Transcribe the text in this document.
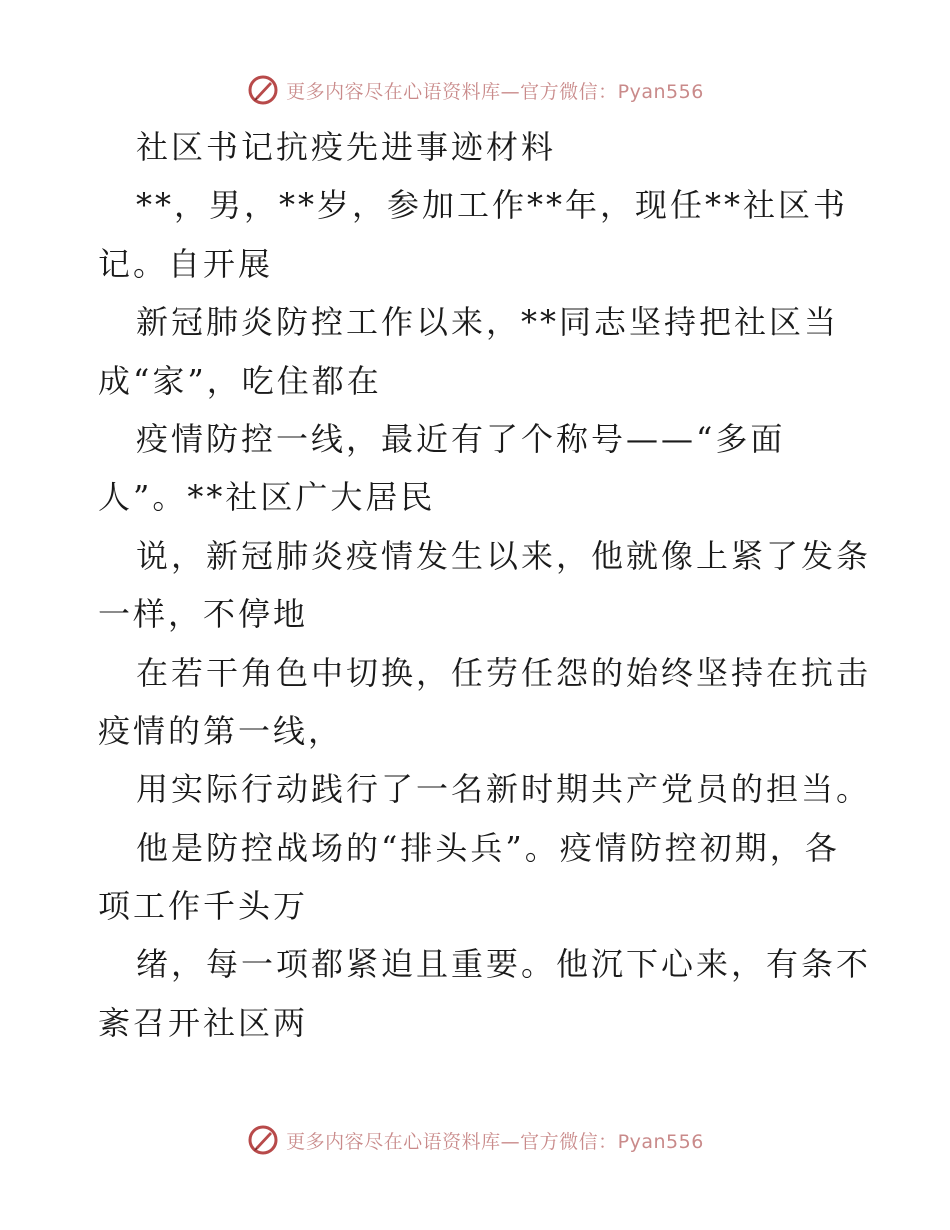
更多内容尽在心语资料库—官方微信：Pyan556
社区书记抗疫先进事迹材料
**，男，**岁，参加工作**年，现任**社区书
记。自开展
新冠肺炎防控工作以来，**同志坚持把社区当
成“家”，吃住都在
疫情防控一线，最近有了个称号——“多面
人”。**社区广大居民
说，新冠肺炎疫情发生以来，他就像上紧了发条
一样，不停地
在若干角色中切换，任劳任怨的始终坚持在抗击
疫情的第一线，
用实际行动践行了一名新时期共产党员的担当。
他是防控战场的“排头兵”。疫情防控初期，各
项工作千头万
绪，每一项都紧迫且重要。他沉下心来，有条不
紊召开社区两
更多内容尽在心语资料库—官方微信：Pyan556
